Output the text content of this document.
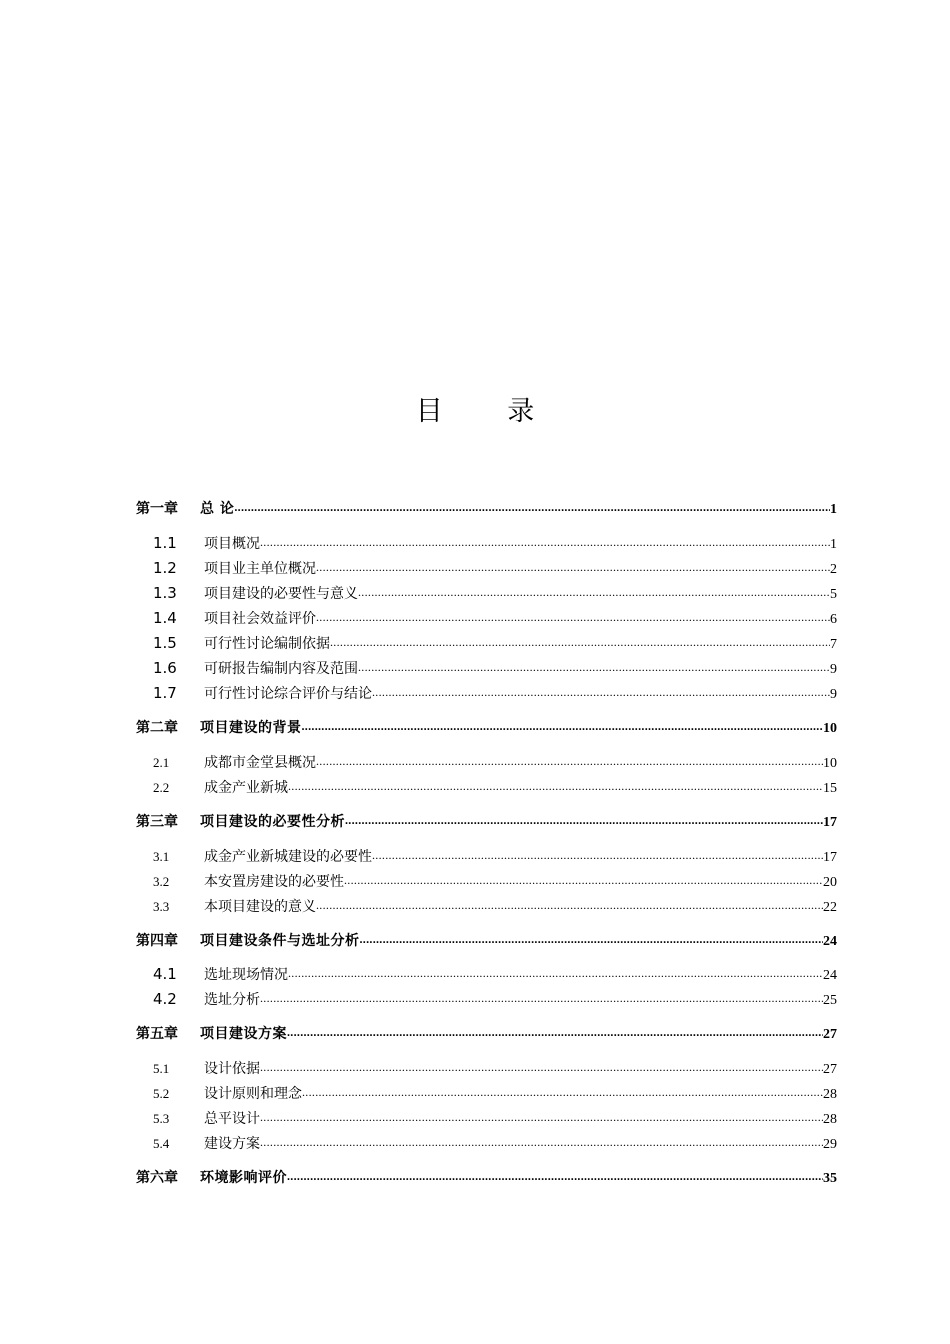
目 录
第一章	总 论 .....	1
1.1	项目概况 .....	1
1.2	项目业主单位概况 .....	2
1.3	项目建设的必要性与意义 .....	5
1.4	项目社会效益评价 .....	6
1.5	可行性讨论编制依据 .....	7
1.6	可研报告编制内容及范围 .....	9
1.7	可行性讨论综合评价与结论 .....	9
第二章	项目建设的背景 .....	10
2.1	成都市金堂县概况 .....	10
2.2	成金产业新城 .....	15
第三章	项目建设的必要性分析 .....	17
3.1	成金产业新城建设的必要性 .....	17
3.2	本安置房建设的必要性 .....	20
3.3	本项目建设的意义 .....	22
第四章	项目建设条件与选址分析 .....	24
4.1	选址现场情况 .....	24
4.2	选址分析 .....	25
第五章	项目建设方案 .....	27
5.1	设计依据 .....	27
5.2	设计原则和理念 .....	28
5.3	总平设计 .....	28
5.4	建设方案 .....	29
第六章	环境影响评价 .....	35
